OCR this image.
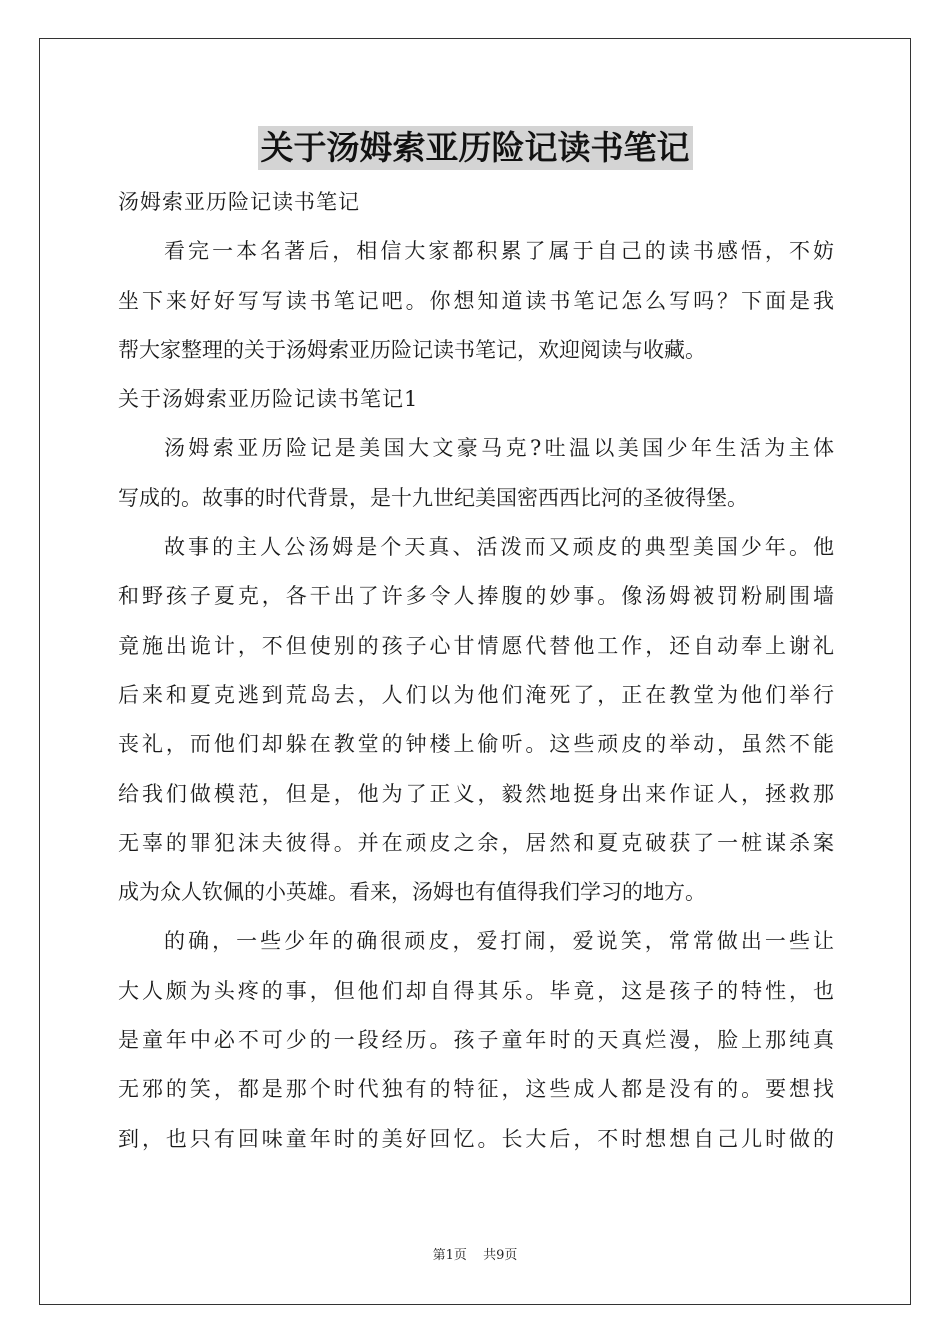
关于汤姆索亚历险记读书笔记
汤姆索亚历险记读书笔记
看完一本名著后，相信大家都积累了属于自己的读书感悟，不妨
坐下来好好写写读书笔记吧。你想知道读书笔记怎么写吗？下面是我
帮大家整理的关于汤姆索亚历险记读书笔记，欢迎阅读与收藏。
关于汤姆索亚历险记读书笔记1
汤姆索亚历险记是美国大文豪马克?吐温以美国少年生活为主体
写成的。故事的时代背景，是十九世纪美国密西西比河的圣彼得堡。
故事的主人公汤姆是个天真、活泼而又顽皮的典型美国少年。他
和野孩子夏克，各干出了许多令人捧腹的妙事。像汤姆被罚粉刷围墙
竟施出诡计，不但使别的孩子心甘情愿代替他工作，还自动奉上谢礼
后来和夏克逃到荒岛去，人们以为他们淹死了，正在教堂为他们举行
丧礼，而他们却躲在教堂的钟楼上偷听。这些顽皮的举动，虽然不能
给我们做模范，但是，他为了正义，毅然地挺身出来作证人，拯救那
无辜的罪犯沫夫彼得。并在顽皮之余，居然和夏克破获了一桩谋杀案
成为众人钦佩的小英雄。看来，汤姆也有值得我们学习的地方。
的确，一些少年的确很顽皮，爱打闹，爱说笑，常常做出一些让
大人颇为头疼的事，但他们却自得其乐。毕竟，这是孩子的特性，也
是童年中必不可少的一段经历。孩子童年时的天真烂漫，脸上那纯真
无邪的笑，都是那个时代独有的特征，这些成人都是没有的。要想找
到，也只有回味童年时的美好回忆。长大后，不时想想自己儿时做的
第1页 共9页
